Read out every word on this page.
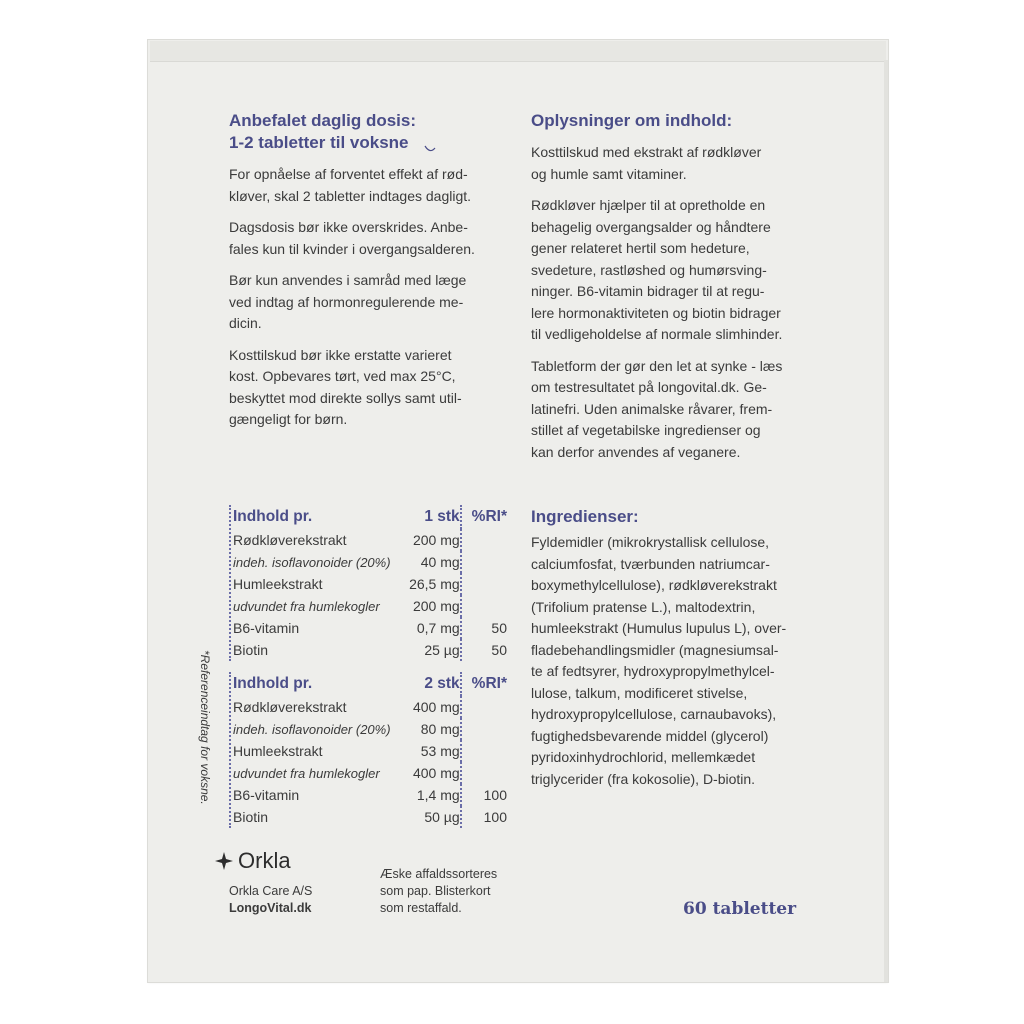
Anbefalet daglig dosis:
1-2 tabletter til voksne

For opnåelse af forventet effekt af rød-
kløver, skal 2 tabletter indtages dagligt.

Dagsdosis bør ikke overskrides. Anbe-
fales kun til kvinder i overgangsalderen.

Bør kun anvendes i samråd med læge
ved indtag af hormonregulerende me-
dicin.

Kosttilskud bør ikke erstatte varieret
kost. Opbevares tørt, ved max 25°C,
beskyttet mod direkte sollys samt util-
gængeligt for børn.

Oplysninger om indhold:

Kosttilskud med ekstrakt af rødkløver
og humle samt vitaminer.

Rødkløver hjælper til at opretholde en
behagelig overgangsalder og håndtere
gener relateret hertil som hedeture,
svedeture, rastløshed og humørsving-
ninger. B6-vitamin bidrager til at regu-
lere hormonaktiviteten og biotin bidrager
til vedligeholdelse af normale slimhinder.

Tabletform der gør den let at synke - læs
om testresultatet på longovital.dk. Ge-
latinefri. Uden animalske råvarer, frem-
stillet af vegetabilske ingredienser og
kan derfor anvendes af veganere.

Indhold pr.	1 stk %RI*
Rødkløverekstrakt	200 mg
indeh. isoflavonoider (20%)	40 mg
Humleekstrakt	26,5 mg
udvundet fra humlekogler	200 mg
B6-vitamin	0,7 mg	50
Biotin	25 µg	50
Indhold pr.	2 stk %RI*
Rødkløverekstrakt	400 mg
indeh. isoflavonoider (20%)	80 mg
Humleekstrakt	53 mg
udvundet fra humlekogler	400 mg
B6-vitamin	1,4 mg	100
Biotin	50 µg	100
*Referenceindtag for voksne.
Ingredienser:

Fyldemidler (mikrokrystallisk cellulose,

calciumfosfat, tværbunden natriumcar-

boxymethylcellulose), rødkløverekstrakt

(Trifolium pratense L.), maltodextrin,

humleekstrakt (Humulus lupulus L), over-

fladebehandlingsmidler (magnesiumsal-

te af fedtsyrer, hydroxypropylmethylcel-

lulose, talkum, modificeret stivelse,

hydroxypropylcellulose, carnaubavoks),

fugtighedsbevarende middel (glycerol)

pyridoxinhydrochlorid, mellemkædet

triglycerider (fra kokosolie), D-biotin.

Orkla
Orkla Care A/S
LongoVital.dk
Æske affaldssorteres
som pap. Blisterkort
som restaffald.	60 tabletter
